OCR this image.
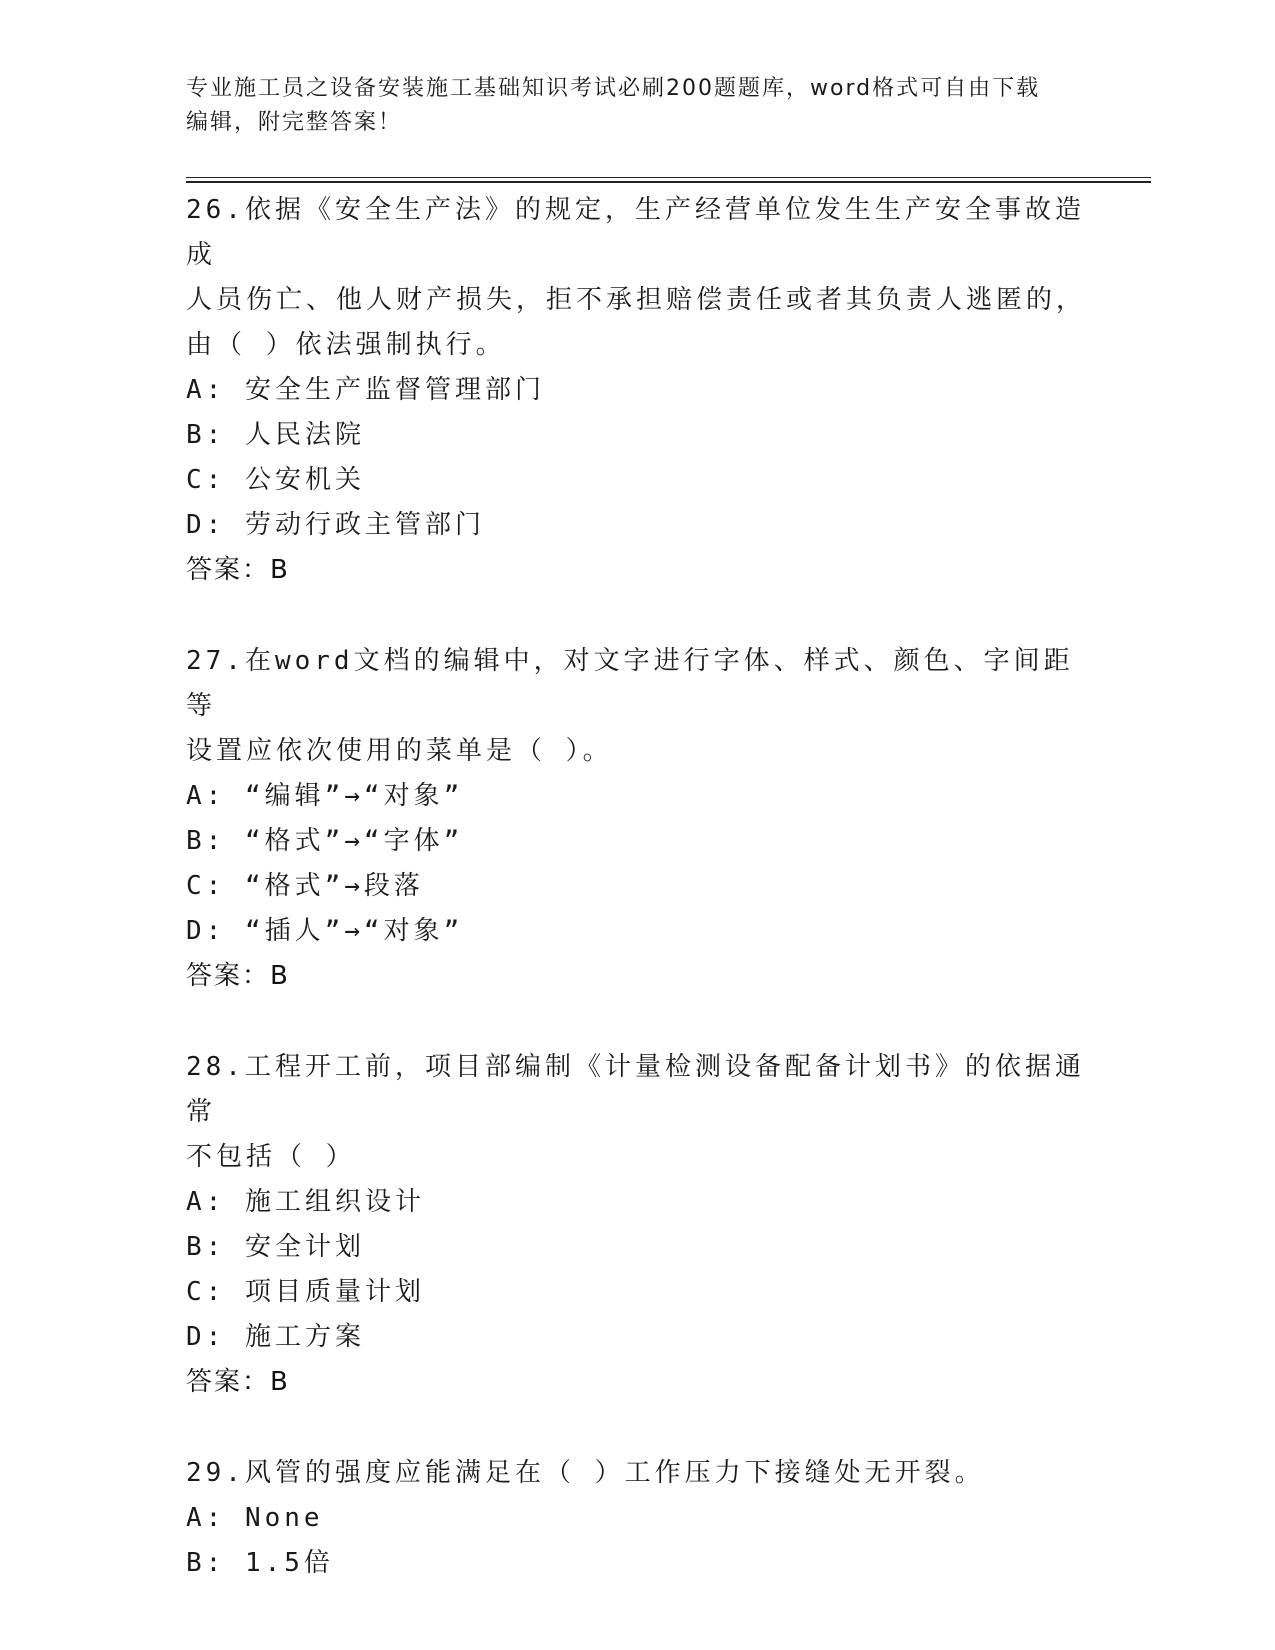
专业施工员之设备安装施工基础知识考试必刷200题题库，word格式可自由下载
编辑，附完整答案！

26.依据《安全生产法》的规定，生产经营单位发生生产安全事故造成

人员伤亡、他人财产损失，拒不承担赔偿责任或者其负责人逃匿的，

由（ ）依法强制执行。

A: 安全生产监督管理部门

B: 人民法院

C: 公安机关

D: 劳动行政主管部门

答案：B

27.在word文档的编辑中，对文字进行字体、样式、颜色、字间距等

设置应依次使用的菜单是（ ）。

A: “编辑”→“对象”

B: “格式”→“字体”

C: “格式”→段落

D: “插人”→“对象”

答案：B

28.工程开工前，项目部编制《计量检测设备配备计划书》的依据通常

不包括（ ）

A: 施工组织设计

B: 安全计划

C: 项目质量计划

D: 施工方案

答案：B

29.风管的强度应能满足在（ ）工作压力下接缝处无开裂。

A: None

B: 1.5倍
